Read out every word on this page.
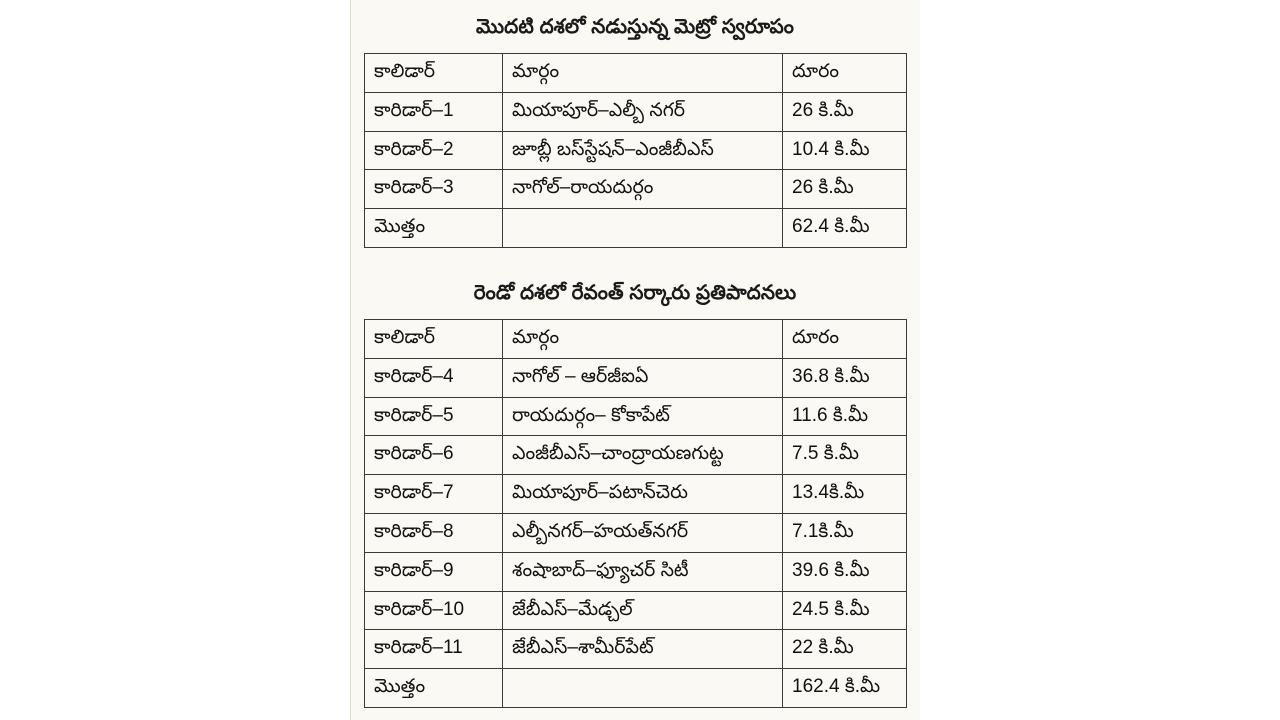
మొదటి దశలో నడుస్తున్న మెట్రో స్వరూపం
కాలిడార్	మార్గం	దూరం
కారిడార్–1	మియాపూర్–ఎల్బీ నగర్	26 కి.మీ
కారిడార్–2	జూబ్లీ బస్‌స్టేషన్–ఎంజీబీఎస్	10.4 కి.మీ
కారిడార్–3	నాగోల్–రాయదుర్గం	26 కి.మీ
మొత్తం		62.4 కి.మీ
రెండో దశలో రేవంత్ సర్కారు ప్రతిపాదనలు
కాలిడార్	మార్గం	దూరం
కారిడార్–4	నాగోల్ – ఆర్‌జీఐఏ	36.8 కి.మీ
కారిడార్–5	రాయదుర్గం– కోకాపేట్	11.6 కి.మీ
కారిడార్–6	ఎంజీబీఎస్–చాంద్రాయణగుట్ట	7.5 కి.మీ
కారిడార్–7	మియాపూర్–పటాన్‌చెరు	13.4కి.మీ
కారిడార్–8	ఎల్బీనగర్–హయత్‌నగర్	7.1కి.మీ
కారిడార్–9	శంషాబాద్–ఫ్యూచర్ సిటీ	39.6 కి.మీ
కారిడార్–10	జేబీఎస్–మేడ్చల్	24.5 కి.మీ
కారిడార్–11	జేబీఎస్–శామీర్‌పేట్	22 కి.మీ
మొత్తం		162.4 కి.మీ
